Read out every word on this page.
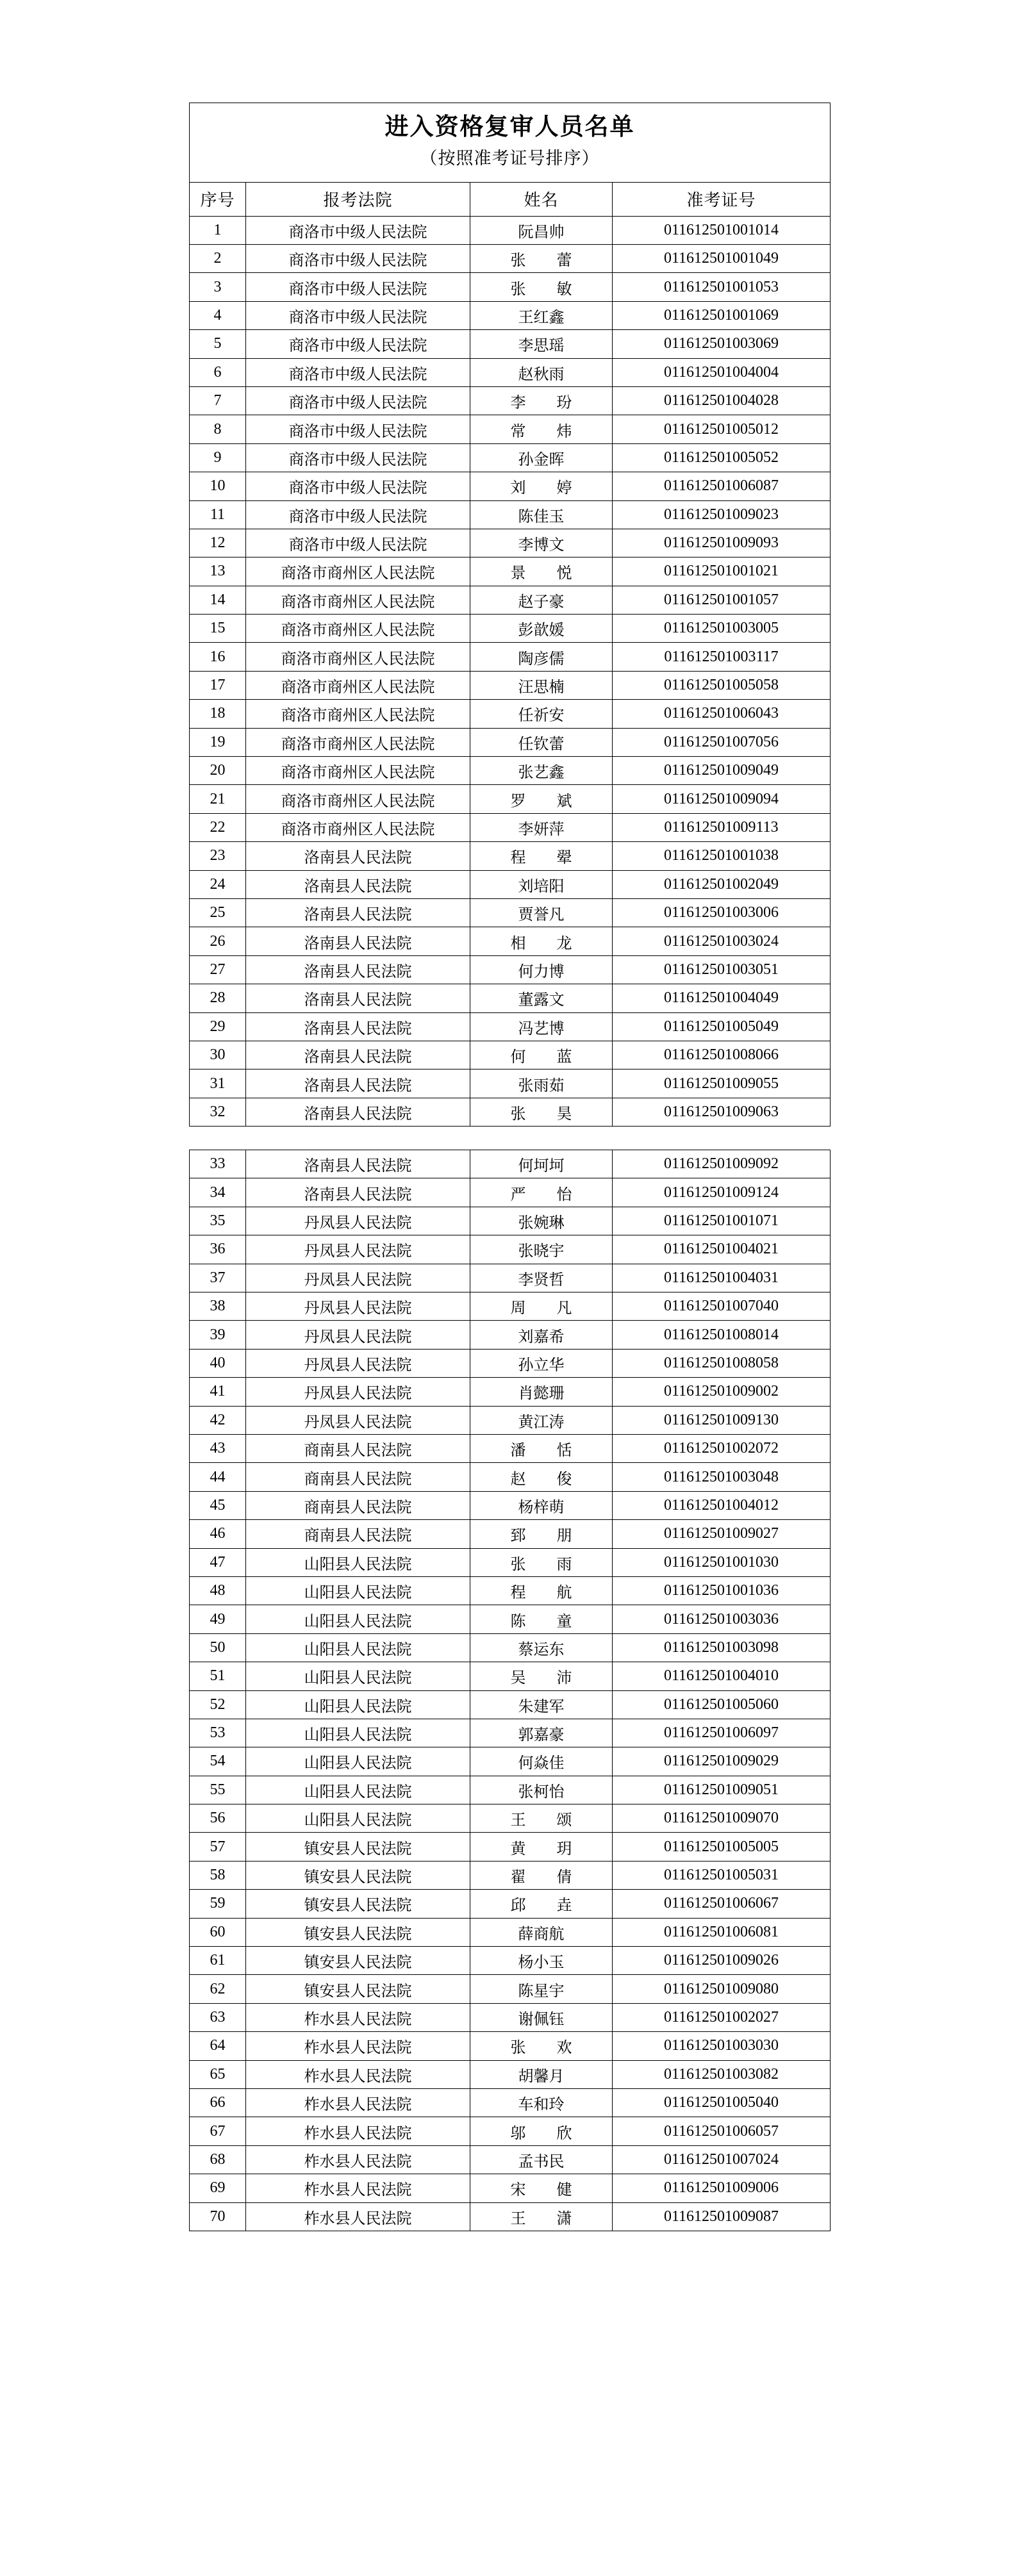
进入资格复审人员名单
（按照准考证号排序）			

序号	报考法院	姓名	准考证号
1	商洛市中级人民法院	阮昌帅	011612501001014
2	商洛市中级人民法院	张 蕾	011612501001049
3	商洛市中级人民法院	张 敏	011612501001053
4	商洛市中级人民法院	王红鑫	011612501001069
5	商洛市中级人民法院	李思瑶	011612501003069
6	商洛市中级人民法院	赵秋雨	011612501004004
7	商洛市中级人民法院	李 玢	011612501004028
8	商洛市中级人民法院	常 炜	011612501005012
9	商洛市中级人民法院	孙金晖	011612501005052
10	商洛市中级人民法院	刘 婷	011612501006087
11	商洛市中级人民法院	陈佳玉	011612501009023
12	商洛市中级人民法院	李博文	011612501009093
13	商洛市商州区人民法院	景 悦	011612501001021
14	商洛市商州区人民法院	赵子豪	011612501001057
15	商洛市商州区人民法院	彭歆媛	011612501003005
16	商洛市商州区人民法院	陶彦儒	011612501003117
17	商洛市商州区人民法院	汪思楠	011612501005058
18	商洛市商州区人民法院	任祈安	011612501006043
19	商洛市商州区人民法院	任钦蕾	011612501007056
20	商洛市商州区人民法院	张艺鑫	011612501009049
21	商洛市商州区人民法院	罗 斌	011612501009094
22	商洛市商州区人民法院	李妍萍	011612501009113
23	洛南县人民法院	程 翚	011612501001038
24	洛南县人民法院	刘培阳	011612501002049
25	洛南县人民法院	贾誉凡	011612501003006
26	洛南县人民法院	相 龙	011612501003024
27	洛南县人民法院	何力博	011612501003051
28	洛南县人民法院	董露文	011612501004049
29	洛南县人民法院	冯艺博	011612501005049
30	洛南县人民法院	何 蓝	011612501008066
31	洛南县人民法院	张雨茹	011612501009055
32	洛南县人民法院	张 昊	011612501009063
33	洛南县人民法院	何坷坷	011612501009092
34	洛南县人民法院	严 怡	011612501009124
35	丹凤县人民法院	张婉琳	011612501001071
36	丹凤县人民法院	张晓宇	011612501004021
37	丹凤县人民法院	李贤哲	011612501004031
38	丹凤县人民法院	周 凡	011612501007040
39	丹凤县人民法院	刘嘉希	011612501008014
40	丹凤县人民法院	孙立华	011612501008058
41	丹凤县人民法院	肖懿珊	011612501009002
42	丹凤县人民法院	黄江涛	011612501009130
43	商南县人民法院	潘 恬	011612501002072
44	商南县人民法院	赵 俊	011612501003048
45	商南县人民法院	杨梓萌	011612501004012
46	商南县人民法院	郅 朋	011612501009027
47	山阳县人民法院	张 雨	011612501001030
48	山阳县人民法院	程 航	011612501001036
49	山阳县人民法院	陈 童	011612501003036
50	山阳县人民法院	蔡运东	011612501003098
51	山阳县人民法院	吴 沛	011612501004010
52	山阳县人民法院	朱建军	011612501005060
53	山阳县人民法院	郭嘉豪	011612501006097
54	山阳县人民法院	何焱佳	011612501009029
55	山阳县人民法院	张柯怡	011612501009051
56	山阳县人民法院	王 颂	011612501009070
57	镇安县人民法院	黄 玥	011612501005005
58	镇安县人民法院	翟 倩	011612501005031
59	镇安县人民法院	邱 垚	011612501006067
60	镇安县人民法院	薛商航	011612501006081
61	镇安县人民法院	杨小玉	011612501009026
62	镇安县人民法院	陈星宇	011612501009080
63	柞水县人民法院	谢佩钰	011612501002027
64	柞水县人民法院	张 欢	011612501003030
65	柞水县人民法院	胡馨月	011612501003082
66	柞水县人民法院	车和玲	011612501005040
67	柞水县人民法院	邬 欣	011612501006057
68	柞水县人民法院	孟书民	011612501007024
69	柞水县人民法院	宋 健	011612501009006
70	柞水县人民法院	王 潇	011612501009087
